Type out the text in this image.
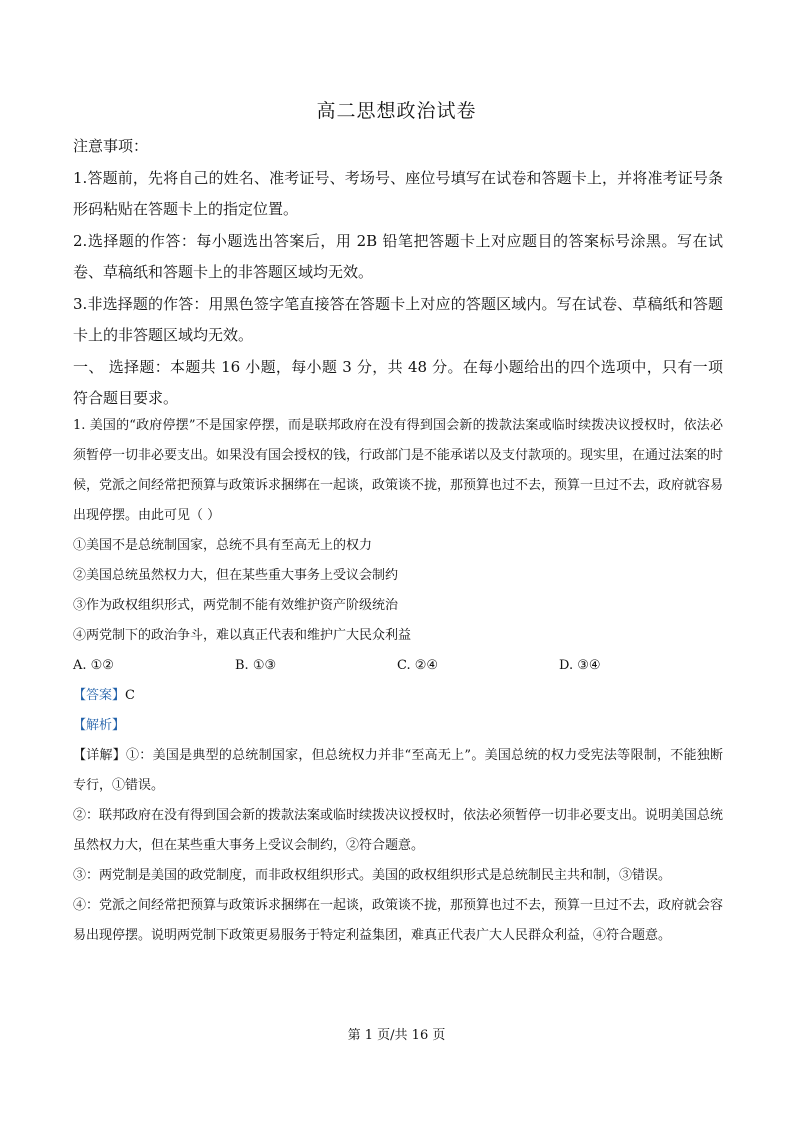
高二思想政治试卷

注意事项：

1.答题前，先将自己的姓名、准考证号、考场号、座位号填写在试卷和答题卡上，并将准考证号条形码粘贴在答题卡上的指定位置。

2.选择题的作答：每小题选出答案后，用 2B 铅笔把答题卡上对应题目的答案标号涂黑。写在试卷、草稿纸和答题卡上的非答题区域均无效。

3.非选择题的作答：用黑色签字笔直接答在答题卡上对应的答题区域内。写在试卷、草稿纸和答题卡上的非答题区域均无效。

一、 选择题：本题共 16 小题，每小题 3 分，共 48 分。在每小题给出的四个选项中，只有一项符合题目要求。

1. 美国的“政府停摆”不是国家停摆，而是联邦政府在没有得到国会新的拨款法案或临时续拨决议授权时，依法必须暂停一切非必要支出。如果没有国会授权的钱，行政部门是不能承诺以及支付款项的。现实里，在通过法案的时候，党派之间经常把预算与政策诉求捆绑在一起谈，政策谈不拢，那预算也过不去，预算一旦过不去，政府就容易出现停摆。由此可见（ ）

①美国不是总统制国家，总统不具有至高无上的权力

②美国总统虽然权力大，但在某些重大事务上受议会制约

③作为政权组织形式，两党制不能有效维护资产阶级统治

④两党制下的政治争斗，难以真正代表和维护广大民众利益

A. ①②	B. ①③	C. ②④	D. ③④

【答案】C

【解析】

【详解】①：美国是典型的总统制国家，但总统权力并非“至高无上”。美国总统的权力受宪法等限制，不能独断专行，①错误。

②：联邦政府在没有得到国会新的拨款法案或临时续拨决议授权时，依法必须暂停一切非必要支出。说明美国总统虽然权力大，但在某些重大事务上受议会制约，②符合题意。

③：两党制是美国的政党制度，而非政权组织形式。美国的政权组织形式是总统制民主共和制，③错误。

④：党派之间经常把预算与政策诉求捆绑在一起谈，政策谈不拢，那预算也过不去，预算一旦过不去，政府就会容易出现停摆。说明两党制下政策更易服务于特定利益集团，难真正代表广大人民群众利益，④符合题意。

第 1 页/共 16 页
